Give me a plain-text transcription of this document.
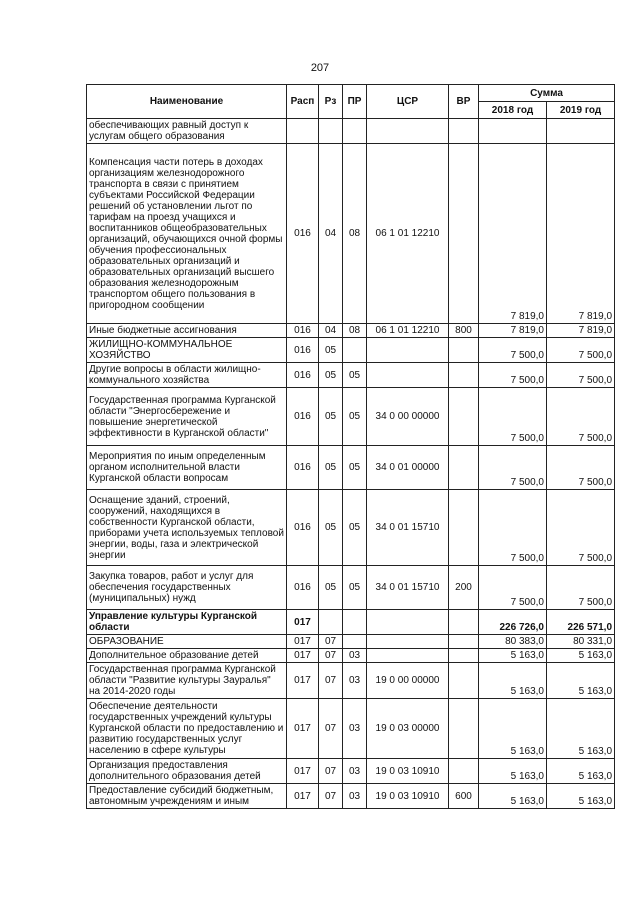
207
Наименование	Расп	Рз	ПР	ЦСР	ВР	Сумма	
						2018 год	2019 год
обеспечивающих равный доступ к услугам общего образования							
Компенсация части потерь в доходах организациям железнодорожного транспорта в связи с принятием субъектами Российской Федерации решений об установлении льгот по тарифам на проезд учащихся и воспитанников общеобразовательных организаций, обучающихся очной формы обучения профессиональных образовательных организаций и образовательных организаций высшего образования железнодорожным транспортом общего пользования в пригородном сообщении	016	04	08	06 1 01 12210		7 819,0	7 819,0
Иные бюджетные ассигнования	016	04	08	06 1 01 12210	800	7 819,0	7 819,0
ЖИЛИЩНО-КОММУНАЛЬНОЕ ХОЗЯЙСТВО	016	05				7 500,0	7 500,0
Другие вопросы в области жилищно-коммунального хозяйства	016	05	05			7 500,0	7 500,0
Государственная программа Курганской области "Энергосбережение и повышение энергетической эффективности в Курганской области"	016	05	05	34 0 00 00000		7 500,0	7 500,0
Мероприятия по иным определенным органом исполнительной власти Курганской области вопросам	016	05	05	34 0 01 00000		7 500,0	7 500,0
Оснащение зданий, строений, сооружений, находящихся в собственности Курганской области, приборами учета используемых тепловой энергии, воды, газа и электрической энергии	016	05	05	34 0 01 15710		7 500,0	7 500,0
Закупка товаров, работ и услуг для обеспечения государственных (муниципальных) нужд	016	05	05	34 0 01 15710	200	7 500,0	7 500,0
Управление культуры Курганской области	017					226 726,0	226 571,0
ОБРАЗОВАНИЕ	017	07				80 383,0	80 331,0
Дополнительное образование детей	017	07	03			5 163,0	5 163,0
Государственная программа Курганской области "Развитие культуры Зауралья" на 2014-2020 годы	017	07	03	19 0 00 00000		5 163,0	5 163,0
Обеспечение деятельности государственных учреждений культуры Курганской области по предоставлению и развитию государственных услуг населению в сфере культуры	017	07	03	19 0 03 00000		5 163,0	5 163,0
Организация предоставления дополнительного образования детей	017	07	03	19 0 03 10910		5 163,0	5 163,0
Предоставление субсидий бюджетным, автономным учреждениям и иным	017	07	03	19 0 03 10910	600	5 163,0	5 163,0
